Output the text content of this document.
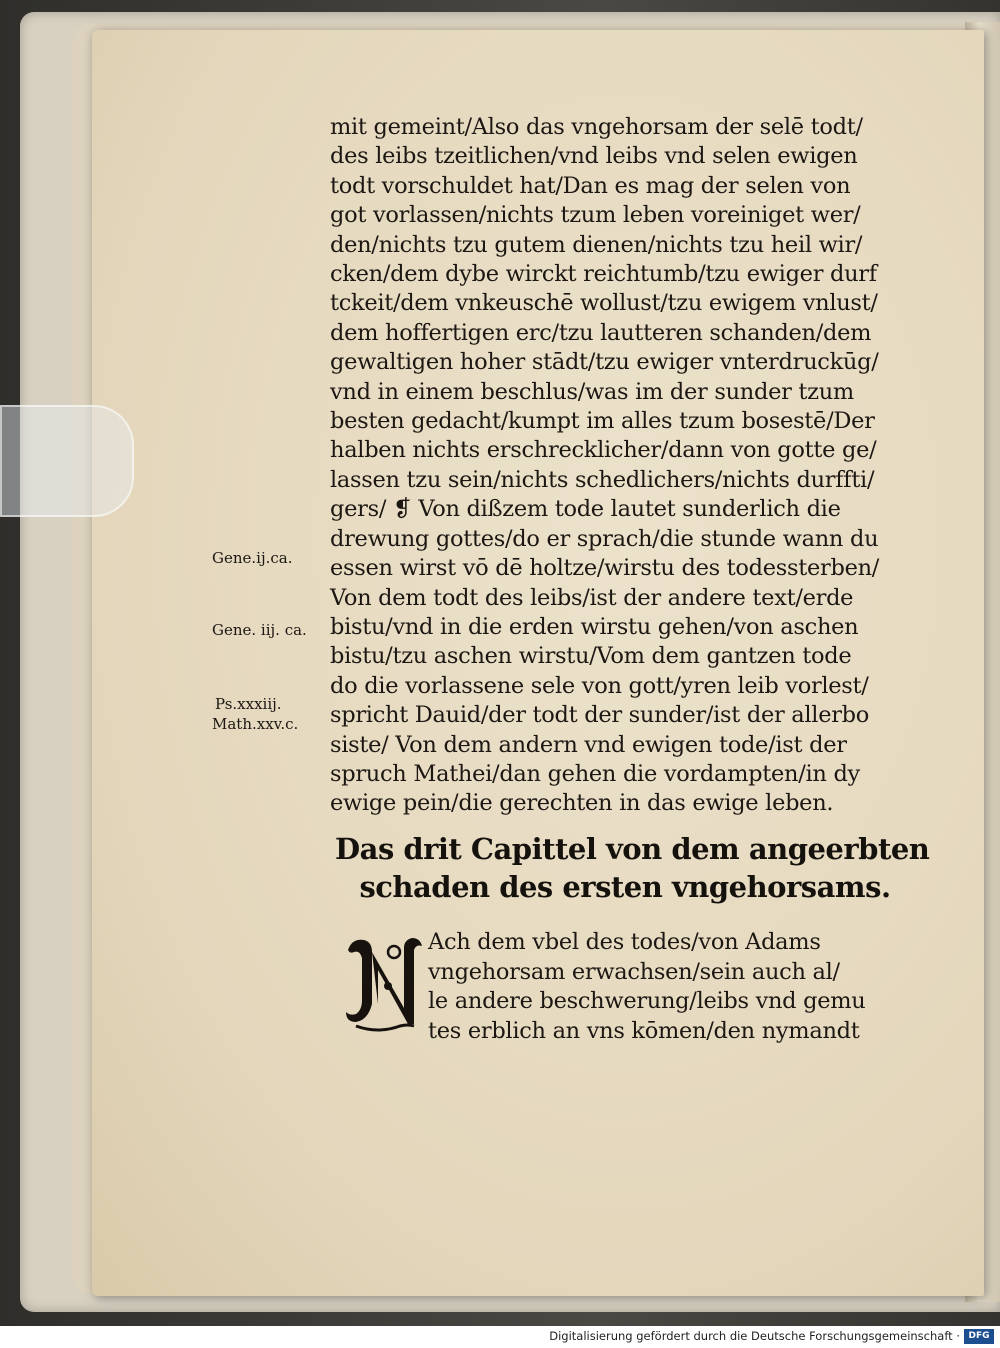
mit gemeint/Also das vngehorsam der selē todt/
des leibs tzeitlichen/vnd leibs vnd selen ewigen
todt vorschuldet hat/Dan es mag der selen von
got vorlassen/nichts tzum leben voreiniget wer/
den/nichts tzu gutem dienen/nichts tzu heil wir/
cken/dem dybe wirckt reichtumb/tzu ewiger durf
tckeit/dem vnkeuschē wollust/tzu ewigem vnlust/
dem hoffertigen erc/tzu lautteren schanden/dem
gewaltigen hoher stādt/tzu ewiger vnterdruckūg/
vnd in einem beschlus/was im der sunder tzum
besten gedacht/kumpt im alles tzum bosestē/Der
halben nichts erschrecklicher/dann von gotte ge/
lassen tzu sein/nichts schedlichers/nichts durffti/
gers/ ❡ Von dißzem tode lautet sunderlich die
drewung gottes/do er sprach/die stunde wann du
essen wirst vō dē holtze/wirstu des todessterben/
Von dem todt des leibs/ist der andere text/erde
bistu/vnd in die erden wirstu gehen/von aschen
bistu/tzu aschen wirstu/Vom dem gantzen tode
do die vorlassene sele von gott/yren leib vorlest/
spricht Dauid/der todt der sunder/ist der allerbo
siste/ Von dem andern vnd ewigen tode/ist der
spruch Mathei/dan gehen die vordampten/in dy
ewige pein/die gerechten in das ewige leben.
Gene.ij.ca.
Gene. iij. ca.
Ps.xxxiij.
Math.xxv.c.
Das drit Capittel von dem angeerbten
schaden des ersten vngehorsams.
Ach dem vbel des todes/von Adams
vngehorsam erwachsen/sein auch al/
le andere beschwerung/leibs vnd gemu
tes erblich an vns kōmen/den nymandt
Digitalisierung gefördert durch die Deutsche Forschungsgemeinschaft · DFG
